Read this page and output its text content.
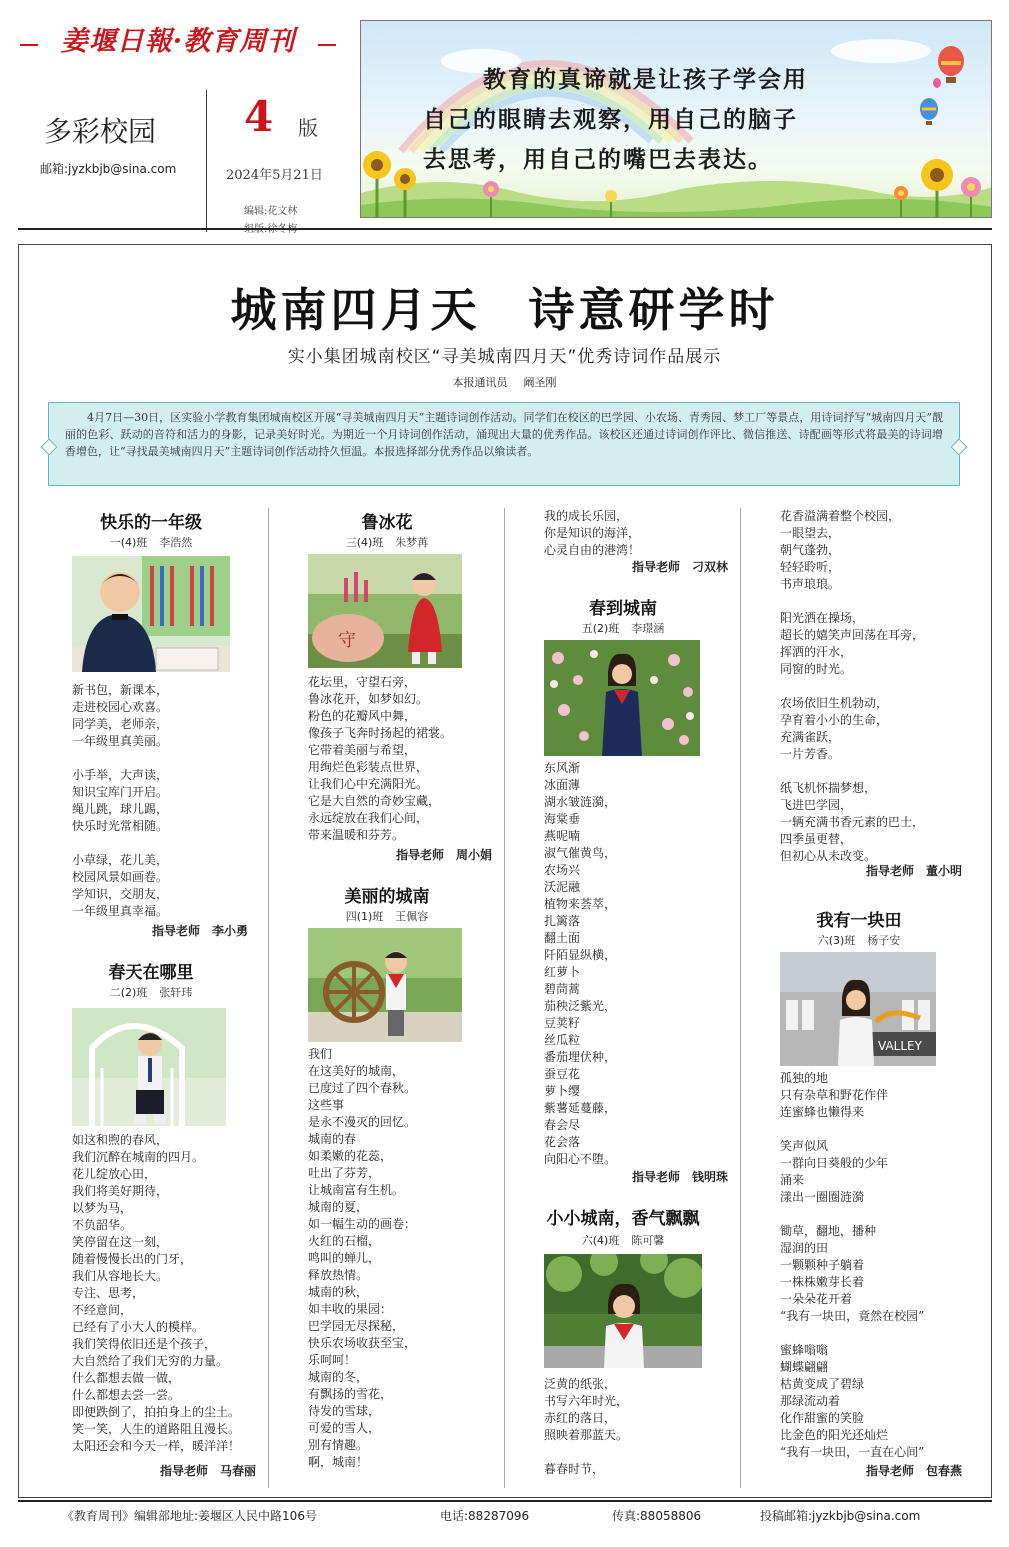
姜堰日報·教育周刊
多彩校园
邮箱:jyzkbjb@sina.com
4 版
2024年5月21日
编辑:花文林
教育的真谛就是让孩子学会用
自己的眼睛去观察，用自己的脑子
去思考，用自己的嘴巴去表达。
城南四月天 诗意研学时
实小集团城南校区“寻美城南四月天”优秀诗词作品展示
本报通讯员 阚圣刚

4月7日—30日，区实验小学教育集团城南校区开展“寻美城南四月天”主题诗词创作活动。同学们在校区的巴学园、小农场、青秀园、梦工厂等景点，用诗词抒写“城南四月天”靓丽的色彩、跃动的音符和活力的身影，记录美好时光。为期近一个月诗词创作活动，涌现出大量的优秀作品。该校区还通过诗词创作评比、微信推送、诗配画等形式将最美的诗词增香增色，让“寻找最美城南四月天”主题诗词创作活动持久恒温。本报选择部分优秀作品以飨读者。

快乐的一年级
一(4)班 李浩然
新书包，新课本，
走进校园心欢喜。
同学美，老师亲，
一年级里真美丽。
小手举，大声读，
知识宝库门开启。
绳儿跳，球儿踢，
快乐时光常相随。
小草绿，花儿美，
校园风景如画卷。
学知识，交朋友，
一年级里真幸福。
指导老师 李小勇
春天在哪里
二(2)班 张轩玮
如这和煦的春风，
我们沉醉在城南的四月。
花儿绽放心田，
我们将美好期待，
以梦为马，
不负韶华。
笑停留在这一刻，
随着慢慢长出的门牙，
我们从容地长大。
专注、思考，
不经意间，
已经有了小大人的模样。
我们笑得依旧还是个孩子，
大自然给了我们无穷的力量。
什么都想去做一做，
什么都想去尝一尝。
即便跌倒了，拍拍身上的尘土。
笑一笑，人生的道路阻且漫长。
太阳还会和今天一样，暖洋洋！
指导老师 马春丽
鲁冰花
三(4)班 朱梦苒
守
花坛里，守望石旁，
鲁冰花开，如梦如幻。
粉色的花瓣风中舞，
像孩子飞奔时扬起的裙裳。
它带着美丽与希望，
用绚烂色彩装点世界，
让我们心中充满阳光。
它是大自然的奇妙宝藏，
永远绽放在我们心间，
带来温暖和芬芳。
指导老师 周小娟
美丽的城南
四(1)班 王佩容
我们
在这美好的城南，
已度过了四个春秋。
这些事
是永不漫灭的回忆。
城南的春
如柔嫩的花蕊，
吐出了芬芳，
让城南富有生机。
城南的夏，
如一幅生动的画卷：
火红的石榴，
鸣叫的蝉儿，
释放热情。
城南的秋，
如丰收的果园：
巴学园无尽探秘，
快乐农场收获至宝，
乐呵呵！
城南的冬，
有飘扬的雪花，
待发的雪球，
可爱的雪人，
别有情趣。
啊，城南！
我的成长乐园，
你是知识的海洋，
心灵自由的港湾！
指导老师 刁双林
春到城南
五(2)班 李璟涵
东风渐
冰面薄
湖水皱涟漪，
海棠垂
燕呢喃
淑气催黄鸟，
农场兴
沃泥融
植物来荟萃，
扎篱落
翻土面
阡陌显纵横，
红萝卜
碧茼蒿
茄秧泛紫光，
豆荚籽
丝瓜粒
番茄埋伏种，
蚕豆花
萝卜缨
紫薯延蔓藤，
春会尽
花会落
向阳心不堕。
指导老师 钱明珠
小小城南，香气飘飘
六(4)班 陈可馨
泛黄的纸张，
书写六年时光，
赤红的落日，
照映着那蓝天。
暮春时节，
花香溢满着整个校园，
一眼望去，
朝气蓬勃，
轻轻聆听，
书声琅琅。
阳光洒在操场，
超长的嬉笑声回荡在耳旁，
挥洒的汗水，
同窗的时光。
农场依旧生机勃动，
孕育着小小的生命，
充满雀跃，
一片芳香。
纸飞机怀揣梦想，
飞进巴学园，
一辆充满书香元素的巴士，
四季虽更替，
但初心从未改变。
指导老师 董小明
我有一块田
六(3)班 杨子安
VALLEY
孤独的地
只有杂草和野花作伴
连蜜蜂也懒得来
笑声似风
一群向日葵般的少年
涌来
漾出一圈圈涟漪
锄草，翻地，播种
湿润的田
一颗颗种子躺着
一株株嫩芽长着
一朵朵花开着
“我有一块田，竟然在校园”
蜜蜂嗡嗡
蝴蝶翩翩
枯黄变成了碧绿
那绿流动着
化作甜蜜的笑脸
比金色的阳光还灿烂
“我有一块田，一直在心间”
指导老师 包春燕
《教育周刊》编辑部地址:姜堰区人民中路106号	电话:88287096	传真:88058806	投稿邮箱:jyzkbjb@sina.com
